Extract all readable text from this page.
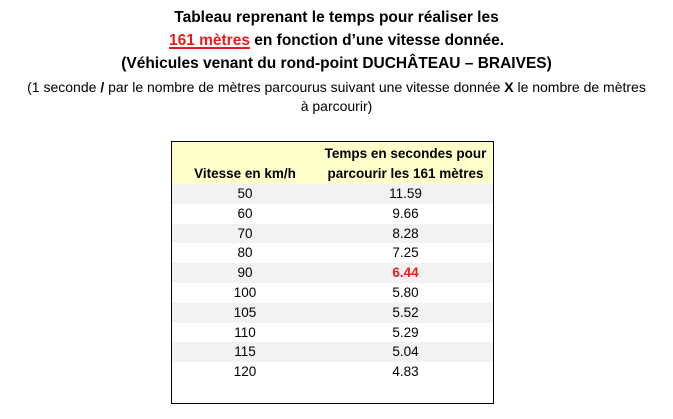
Tableau reprenant le temps pour réaliser les
161 mètres en fonction d’une vitesse donnée.
(Véhicules venant du rond-point DUCHÂTEAU – BRAIVES)
(1 seconde / par le nombre de mètres parcourus suivant une vitesse donnée X le nombre de mètres
à parcourir)
Vitesse en km/h	Temps en secondes pour
parcourir les 161 mètres

50	11.59
60	9.66
70	8.28
80	7.25
90	6.44
100	5.80
105	5.52
110	5.29
115	5.04
120	4.83
